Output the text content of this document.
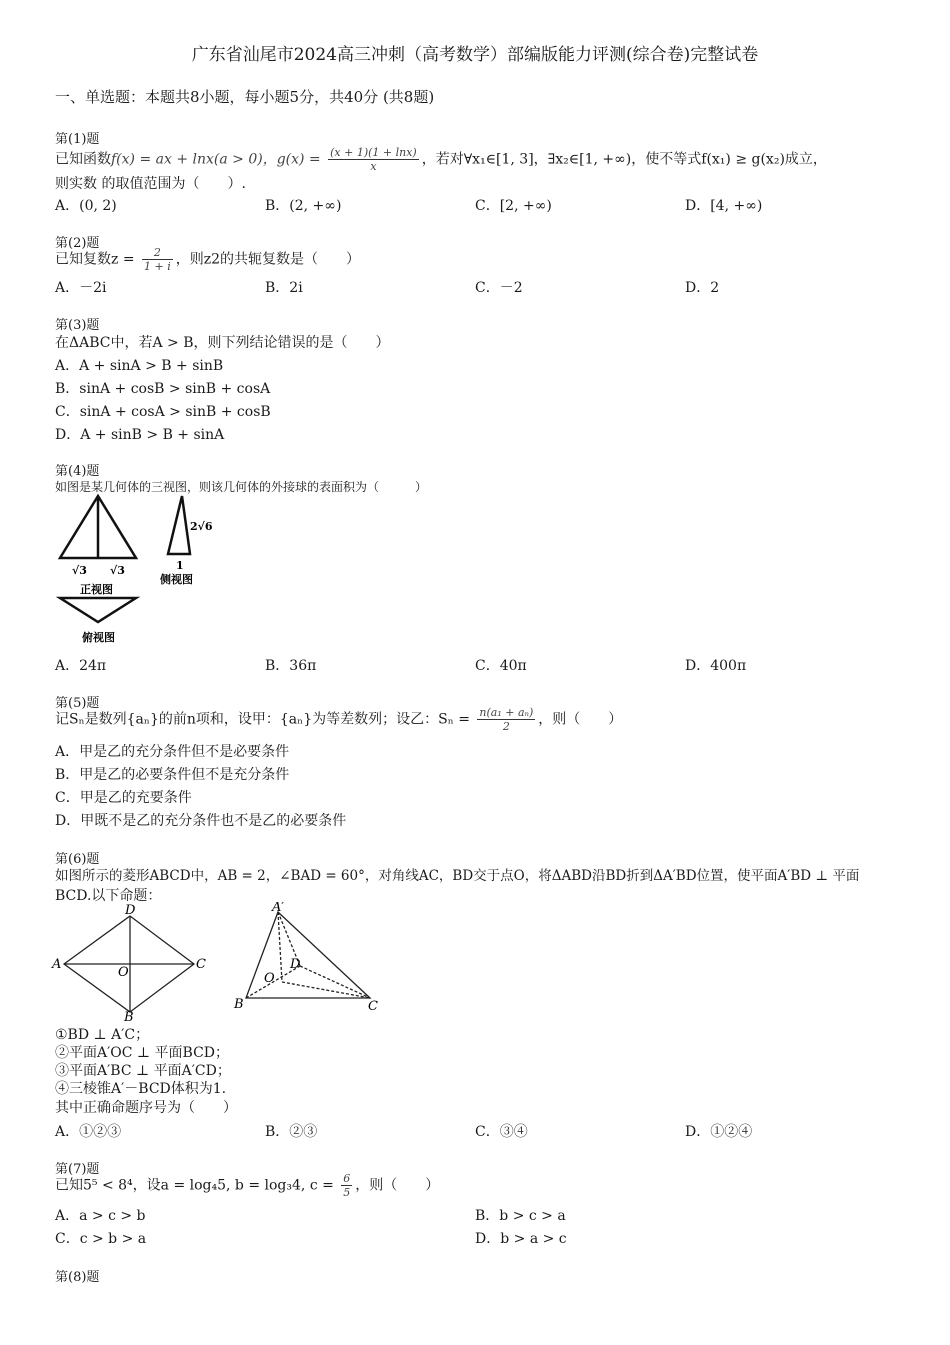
广东省汕尾市2024高三冲刺（高考数学）部编版能力评测(综合卷)完整试卷
一、单选题：本题共8小题，每小题5分，共40分 (共8题)
第(1)题
已知函数f(x) = ax + lnx(a > 0)，$g(x) = \frac{(x + 1)(1 + \ln x)}{x}$ ，若对∀x₁∈[1, 3]，∃x₂∈[1, +∞)，使不等式f(x₁) ≥ g(x₂)成立，
则实数 的取值范围为（　　）.
A．(0, 2)	B．(2, +∞)	C．[2, +∞)	D．[4, +∞)
第(2)题
已知复数$z = \frac{2}{1 + i}$ ，则z2的共轭复数是（　　）
A．－2i	B．2i	C．－2	D．2
第(3)题
在ΔABC中，若A > B，则下列结论错误的是（　　）
A．A + sinA > B + sinB
B．sinA + cosB > sinB + cosA
C．sinA + cosA > sinB + cosB
D．A + sinB > B + sinA
第(4)题
如图是某几何体的三视图，则该几何体的外接球的表面积为（　　　）
√3 √3
正视图
2√6
1
侧视图
俯视图
A．24π	B．36π	C．40π	D．400π
第(5)题
记Sₙ是数列{aₙ}的前n项和，设甲：{aₙ}为等差数列；设乙：$S_n = \frac{\text{n(a₁ + aₙ)}}{2}$ ，则（　　）
A．甲是乙的充分条件但不是必要条件
B．甲是乙的必要条件但不是充分条件
C．甲是乙的充要条件
D．甲既不是乙的充分条件也不是乙的必要条件
第(6)题
如图所示的菱形ABCD中，AB = 2，∠BAD = 60°，对角线AC，BD交于点O，将ΔABD沿BD折到ΔA′BD位置，使平面A′BD ⊥ 平面
BCD.以下命题：
D
A
O
C
B
A′
D
O
B	C
①BD ⊥ A′C；
②平面A′OC ⊥ 平面BCD；
③平面A′BC ⊥ 平面A′CD；
④三棱锥A′－BCD体积为1.
其中正确命题序号为（　　）
A．①②③	B．②③	C．③④	D．①②④
第(7)题
已知5⁵ < 8⁴，设a = log₄5, b = log₃4, $c = \frac{6}{5}$ ，则（　　）
A．a > c > b	B．b > c > a
C．c > b > a	D．b > a > c
第(8)题
